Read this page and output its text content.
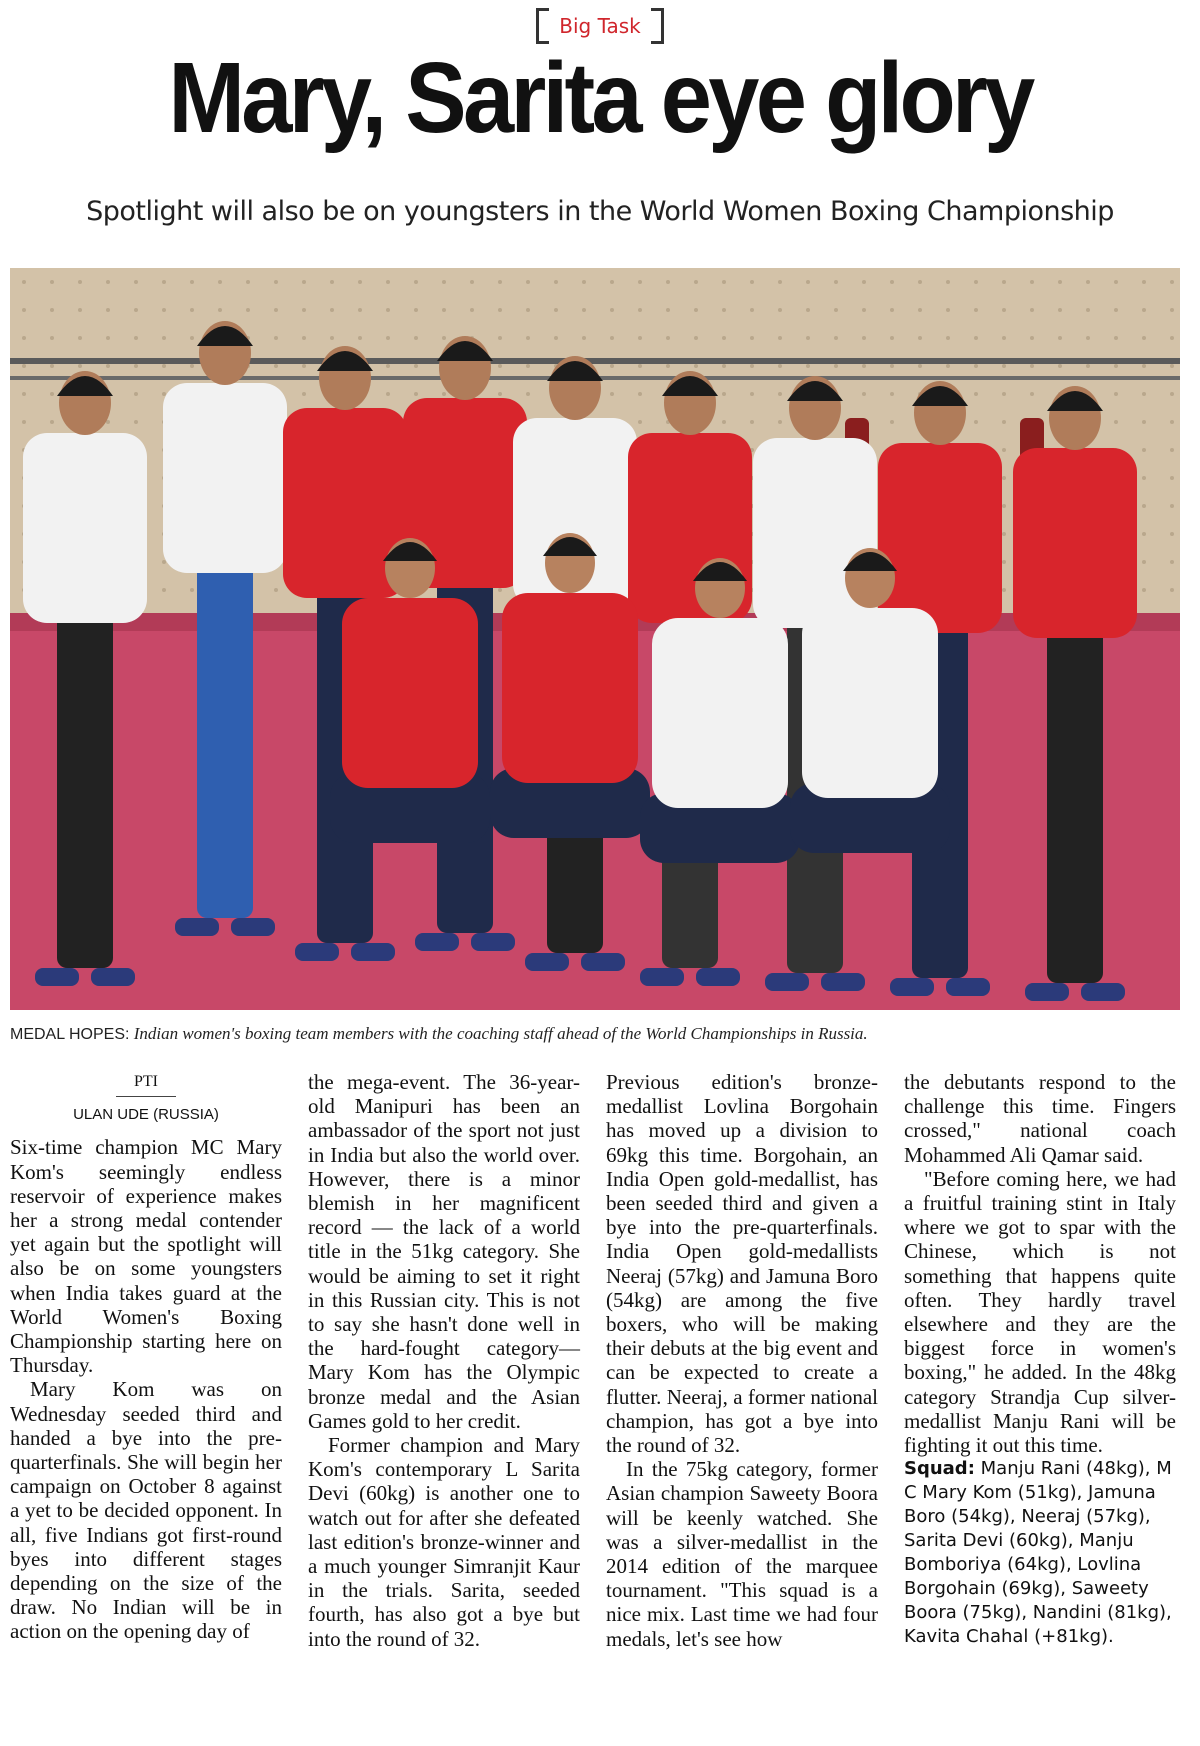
Big Task
Mary, Sarita eye glory
Spotlight will also be on youngsters in the World Women Boxing Championship
MEDAL HOPES: Indian women's boxing team members with the coaching staff ahead of the World Championships in Russia.
PTI
ULAN UDE (RUSSIA)

Six-time champion MC Mary Kom's seemingly endless reservoir of experience makes her a strong medal contender yet again but the spotlight will also be on some youngsters when India takes guard at the World Women's Boxing Championship starting here on Thursday.

Mary Kom was on Wednesday seeded third and handed a bye into the pre-quarterfinals. She will begin her campaign on October 8 against a yet to be decided opponent. In all, five Indians got first-round byes into different stages depending on the size of the draw. No Indian will be in action on the opening day of

the mega-event. The 36-year-old Manipuri has been an ambassador of the sport not just in India but also the world over. However, there is a minor blemish in her magnificent record — the lack of a world title in the 51kg category. She would be aiming to set it right in this Russian city. This is not to say she hasn't done well in the hard-fought category— Mary Kom has the Olympic bronze medal and the Asian Games gold to her credit.

Former champion and Mary Kom's contemporary L Sarita Devi (60kg) is another one to watch out for after she defeated last edition's bronze-winner and a much younger Simranjit Kaur in the trials. Sarita, seeded fourth, has also got a bye but into the round of 32.

Previous edition's bronze-medallist Lovlina Borgohain has moved up a division to 69kg this time. Borgohain, an India Open gold-medallist, has been seeded third and given a bye into the pre-quarterfinals. India Open gold-medallists Neeraj (57kg) and Jamuna Boro (54kg) are among the five boxers, who will be making their debuts at the big event and can be expected to create a flutter. Neeraj, a former national champion, has got a bye into the round of 32.

In the 75kg category, former Asian champion Saweety Boora will be keenly watched. She was a silver-medallist in the 2014 edition of the marquee tournament. "This squad is a nice mix. Last time we had four medals, let's see how

the debutants respond to the challenge this time. Fingers crossed," national coach Mohammed Ali Qamar said.

"Before coming here, we had a fruitful training stint in Italy where we got to spar with the Chinese, which is not something that happens quite often. They hardly travel elsewhere and they are the biggest force in women's boxing," he added. In the 48kg category Strandja Cup silver-medallist Manju Rani will be fighting it out this time.

Squad: Manju Rani (48kg), M C Mary Kom (51kg), Jamuna Boro (54kg), Neeraj (57kg), Sarita Devi (60kg), Manju Bomboriya (64kg), Lovlina Borgohain (69kg), Saweety Boora (75kg), Nandini (81kg), Kavita Chahal (+81kg).
